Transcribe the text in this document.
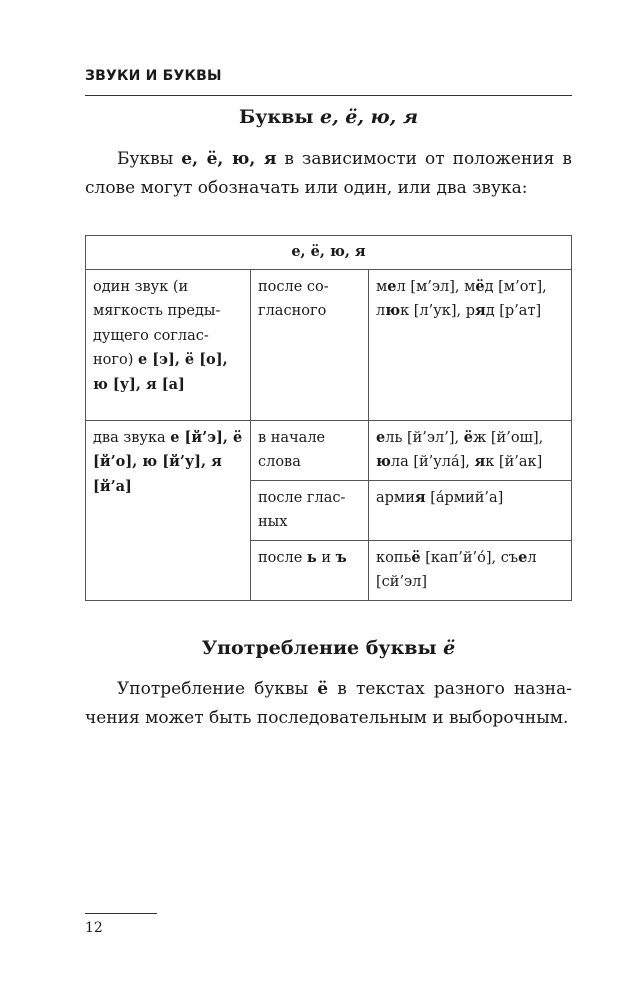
ЗВУКИ И БУКВЫ
Буквы е, ё, ю, я

Буквы е, ё, ю, я в зависимости от положения в слове могут обозначать или один, или два звука:

е, ё, ю, я		
один звук (и мягкость предыдущего согласного) е [э], ё [о], ю [у], я [а]	после согласного	мел [м’эл], мёд [м’от], люк [л’ук], ряд [р’ат]
два звука е [й’э], ё [й’о], ю [й’у], я [й’а]	в начале слова	ель [й’эл’], ёж [й’ош], юла [й’ула́], як [й’ак]
	после гласных	армия [а́рмий’а]
	после ь и ъ	копьё [кап’й’о́], съел [сй’эл]
Употребление буквы ё

Употребление буквы ё в текстах разного назначения может быть последовательным и выборочным.

12
